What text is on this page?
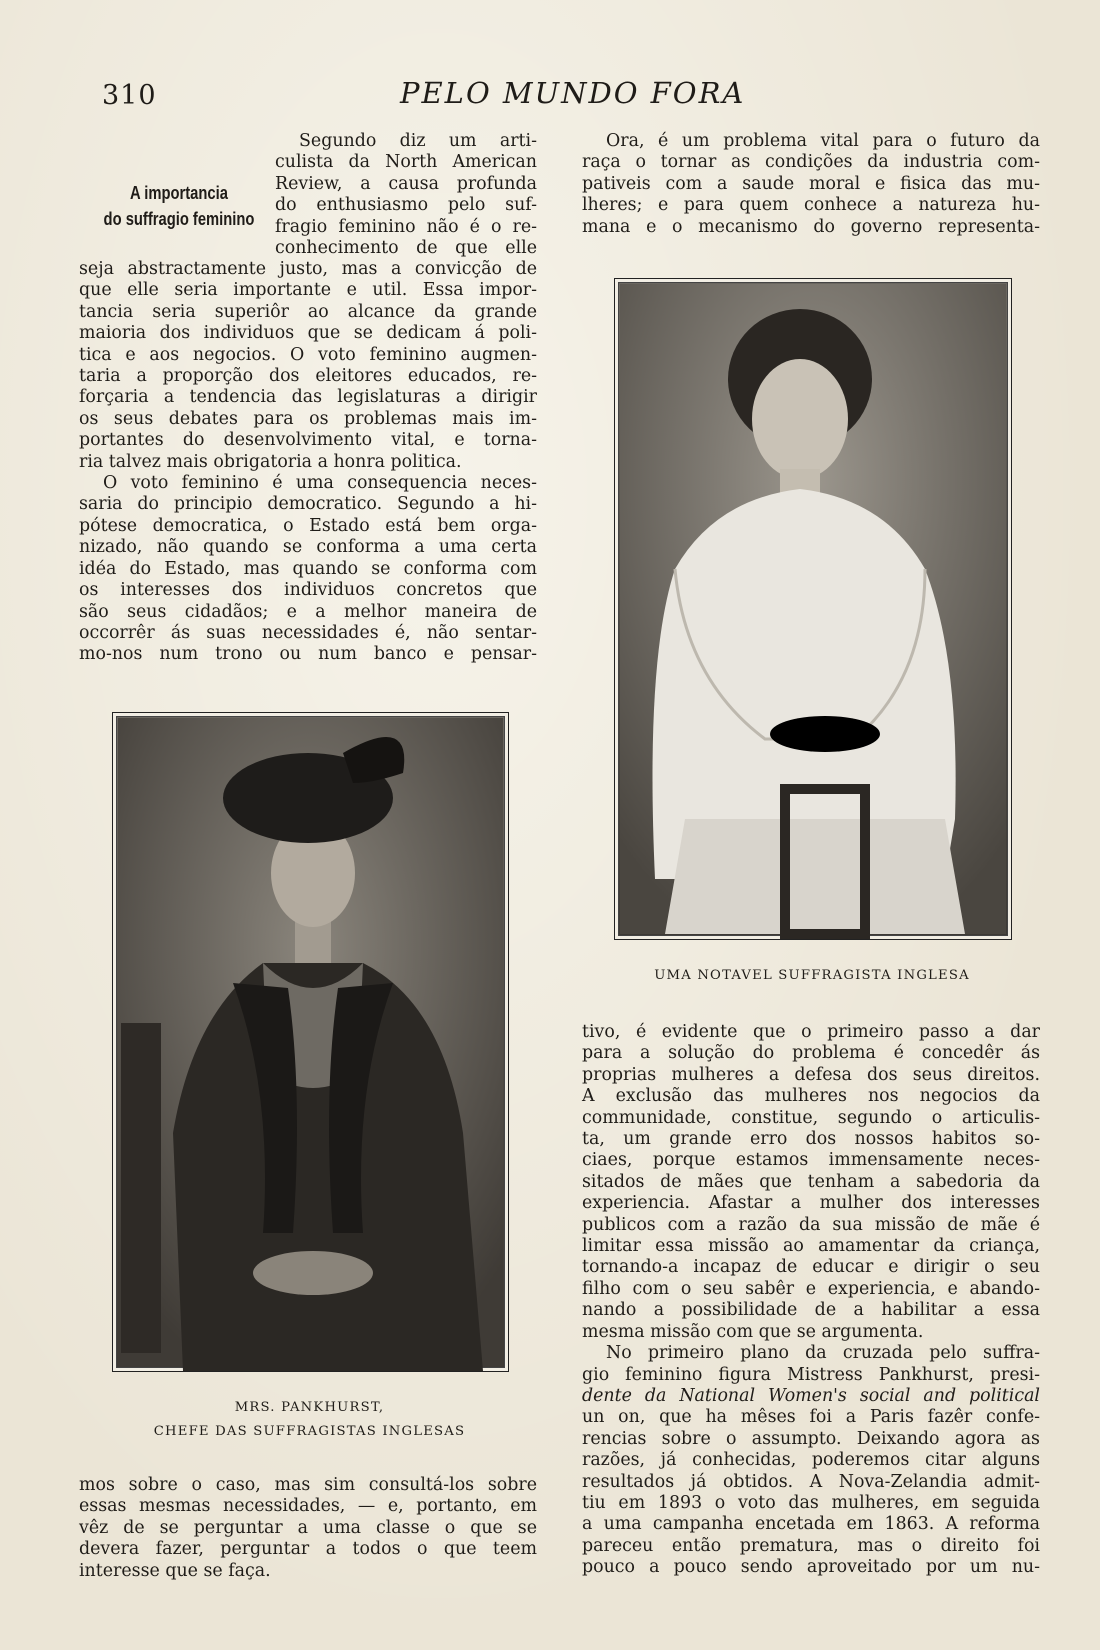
310	PELO MUNDO FORA
A importancia
do suffragio feminino
Segundo diz um arti-
culista da North American
Review, a causa profunda
do enthusiasmo pelo suf-
fragio feminino não é o re-
conhecimento de que elle
seja abstractamente justo, mas a convicção de
que elle seria importante e util. Essa impor-
tancia seria superiôr ao alcance da grande
maioria dos individuos que se dedicam á poli-
tica e aos negocios. O voto feminino augmen-
taria a proporção dos eleitores educados, re-
forçaria a tendencia das legislaturas a dirigir
os seus debates para os problemas mais im-
portantes do desenvolvimento vital, e torna-
ria talvez mais obrigatoria a honra politica.
O voto feminino é uma consequencia neces-
saria do principio democratico. Segundo a hi-
pótese democratica, o Estado está bem orga-
nizado, não quando se conforma a uma certa
idéa do Estado, mas quando se conforma com
os interesses dos individuos concretos que
são seus cidadãos; e a melhor maneira de
occorrêr ás suas necessidades é, não sentar-
mo-nos num trono ou num banco e pensar-
MRS. PANKHURST,
CHEFE DAS SUFFRAGISTAS INGLESAS
mos sobre o caso, mas sim consultá-los sobre
essas mesmas necessidades, — e, portanto, em
vêz de se perguntar a uma classe o que se
devera fazer, perguntar a todos o que teem
interesse que se faça.
Ora, é um problema vital para o futuro da
raça o tornar as condições da industria com-
pativeis com a saude moral e fisica das mu-
lheres; e para quem conhece a natureza hu-
mana e o mecanismo do governo representa-
UMA NOTAVEL SUFFRAGISTA INGLESA
tivo, é evidente que o primeiro passo a dar
para a solução do problema é concedêr ás
proprias mulheres a defesa dos seus direitos.
A exclusão das mulheres nos negocios da
communidade, constitue, segundo o articulis-
ta, um grande erro dos nossos habitos so-
ciaes, porque estamos immensamente neces-
sitados de mães que tenham a sabedoria da
experiencia. Afastar a mulher dos interesses
publicos com a razão da sua missão de mãe é
limitar essa missão ao amamentar da criança,
tornando-a incapaz de educar e dirigir o seu
filho com o seu sabêr e experiencia, e abando-
nando a possibilidade de a habilitar a essa
mesma missão com que se argumenta.
No primeiro plano da cruzada pelo suffra-
gio feminino figura Mistress Pankhurst, presi-
dente da National Women's social and political
un on, que ha mêses foi a Paris fazêr confe-
rencias sobre o assumpto. Deixando agora as
razões, já conhecidas, poderemos citar alguns
resultados já obtidos. A Nova-Zelandia admit-
tiu em 1893 o voto das mulheres, em seguida
a uma campanha encetada em 1863. A reforma
pareceu então prematura, mas o direito foi
pouco a pouco sendo aproveitado por um nu-
